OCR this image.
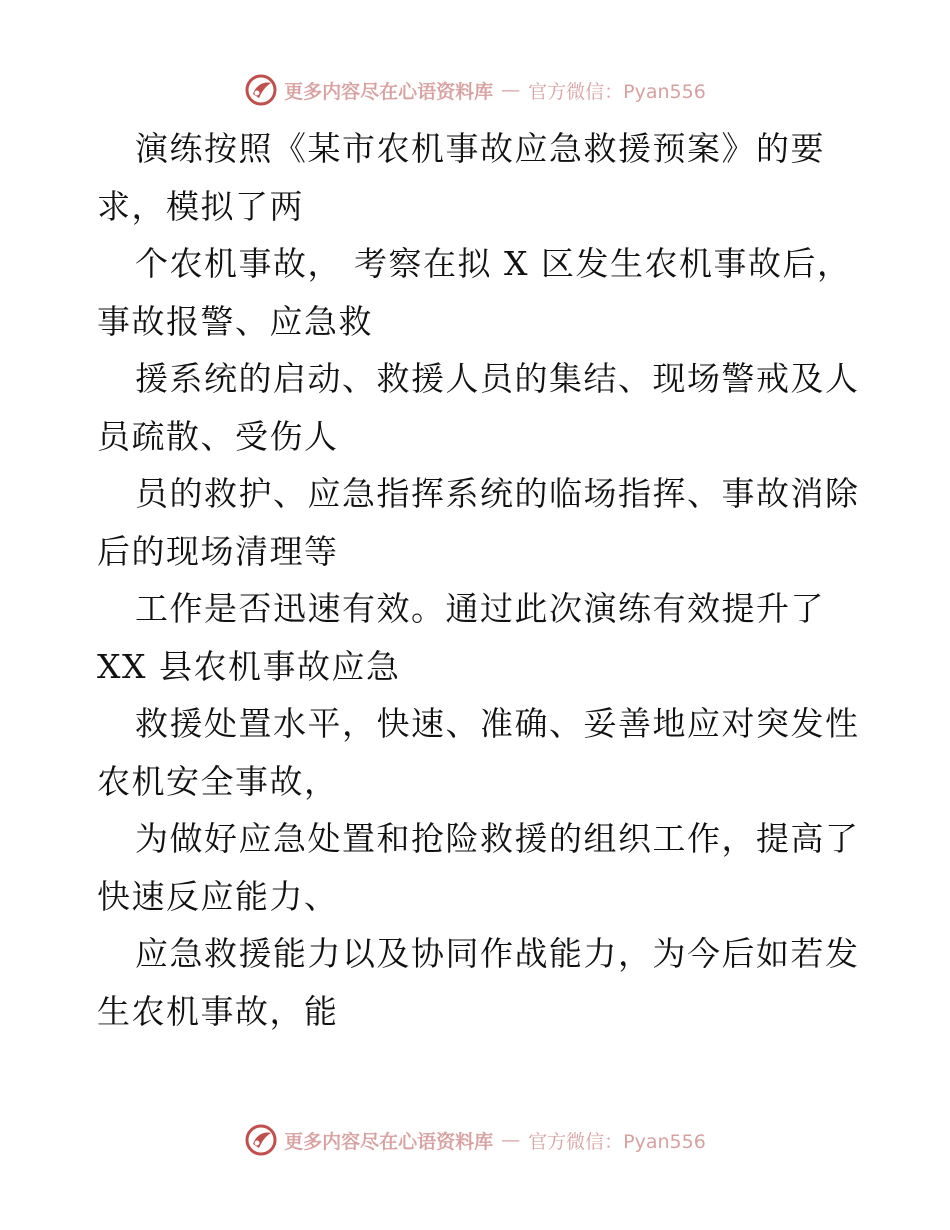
更多内容尽在心语资料库 — 官方微信：Pyan556
演练按照《某市农机事故应急救援预案》的要
求，模拟了两
个农机事故， 考察在拟 X 区发生农机事故后，
事故报警、应急救
援系统的启动、救援人员的集结、现场警戒及人
员疏散、受伤人
员的救护、应急指挥系统的临场指挥、事故消除
后的现场清理等
工作是否迅速有效。通过此次演练有效提升了
XX 县农机事故应急
救援处置水平，快速、准确、妥善地应对突发性
农机安全事故，
为做好应急处置和抢险救援的组织工作，提高了
快速反应能力、
应急救援能力以及协同作战能力，为今后如若发
生农机事故，能
更多内容尽在心语资料库 — 官方微信：Pyan556
